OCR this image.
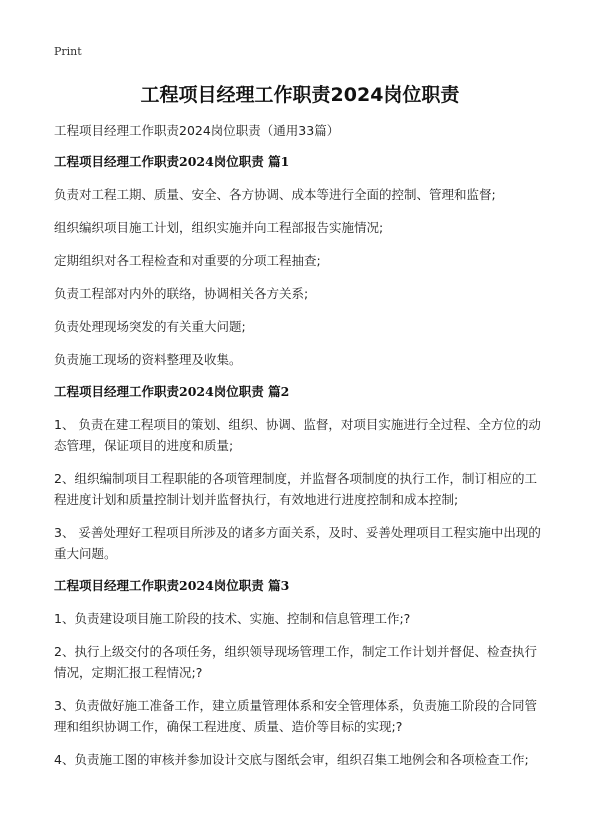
Print
工程项目经理工作职责2024岗位职责
工程项目经理工作职责2024岗位职责（通用33篇）
工程项目经理工作职责2024岗位职责 篇1

负责对工程工期、质量、安全、各方协调、成本等进行全面的控制、管理和监督;

组织编织项目施工计划，组织实施并向工程部报告实施情况;

定期组织对各工程检查和对重要的分项工程抽查;

负责工程部对内外的联络，协调相关各方关系;

负责处理现场突发的有关重大问题;

负责施工现场的资料整理及收集。

工程项目经理工作职责2024岗位职责 篇2

1、 负责在建工程项目的策划、组织、协调、监督，对项目实施进行全过程、全方位的动态管理，保证项目的进度和质量;

2、组织编制项目工程职能的各项管理制度，并监督各项制度的执行工作，制订相应的工程进度计划和质量控制计划并监督执行，有效地进行进度控制和成本控制;

3、 妥善处理好工程项目所涉及的诸多方面关系，及时、妥善处理项目工程实施中出现的重大问题。

工程项目经理工作职责2024岗位职责 篇3

1、负责建设项目施工阶段的技术、实施、控制和信息管理工作;?

2、执行上级交付的各项任务，组织领导现场管理工作，制定工作计划并督促、检查执行情况，定期汇报工程情况;?

3、负责做好施工准备工作，建立质量管理体系和安全管理体系，负责施工阶段的合同管理和组织协调工作，确保工程进度、质量、造价等目标的实现;?

4、负责施工图的审核并参加设计交底与图纸会审，组织召集工地例会和各项检查工作;
